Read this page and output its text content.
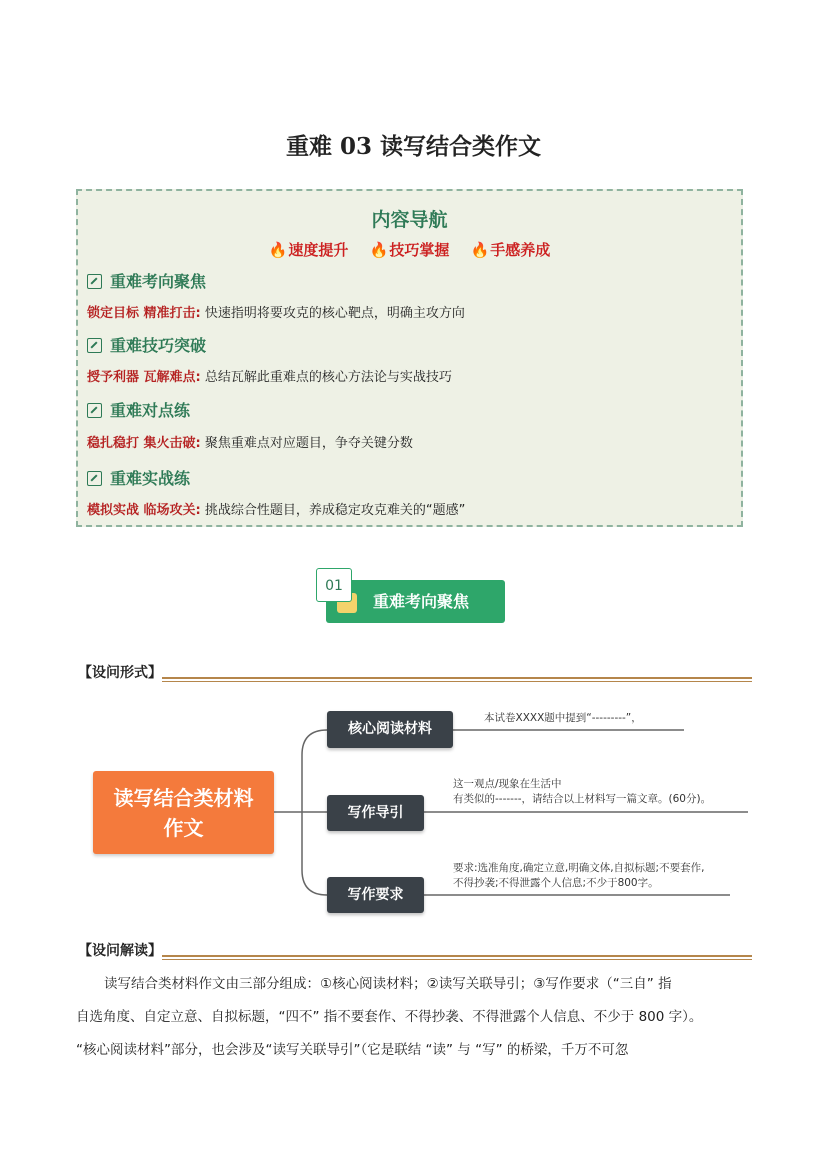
重难 03 读写结合类作文
内容导航
🔥速度提升 🔥技巧掌握 🔥手感养成
重难考向聚焦
锁定目标 精准打击: 快速指明将要攻克的核心靶点，明确主攻方向
重难技巧突破
授予利器 瓦解难点: 总结瓦解此重难点的核心方法论与实战技巧
重难对点练
稳扎稳打 集火击破: 聚焦重难点对应题目，争夺关键分数
重难实战练
模拟实战 临场攻关: 挑战综合性题目，养成稳定攻克难关的“题感”
重难考向聚焦
01
【设问形式】
读写结合类材料
作文
核心阅读材料
写作导引
写作要求
本试卷XXXX题中提到“---------”，
这一观点/现象在生活中
有类似的-------，请结合以上材料写一篇文章。(60分)。
要求:选准角度,确定立意,明确文体,自拟标题;不要套作,
不得抄袭;不得泄露个人信息;不少于800字。
【设问解读】
读写结合类材料作文由三部分组成：①核心阅读材料；②读写关联导引；③写作要求（“三自” 指
自选角度、自定立意、自拟标题，“四不” 指不要套作、不得抄袭、不得泄露个人信息、不少于 800 字）。
“核心阅读材料”部分，也会涉及“读写关联导引”（它是联结 “读” 与 “写” 的桥梁，千万不可忽
